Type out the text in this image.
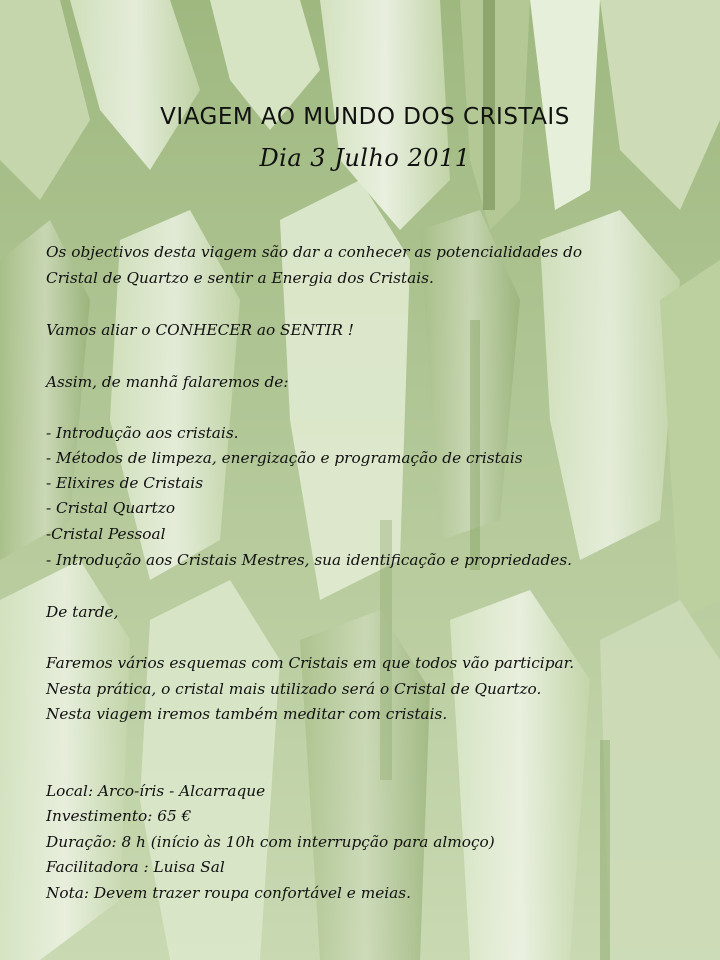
VIAGEM AO MUNDO DOS CRISTAIS
Dia 3 Julho 2011
Os objectivos desta viagem são dar a conhecer as potencialidades do
Cristal de Quartzo e sentir a Energia dos Cristais.
Vamos aliar o CONHECER ao SENTIR !
Assim, de manhã falaremos de:
- Introdução aos cristais.
- Métodos de limpeza, energização e programação de cristais
- Elixires de Cristais
- Cristal Quartzo
-Cristal Pessoal
- Introdução aos Cristais Mestres, sua identificação e propriedades.
De tarde,
Faremos vários esquemas com Cristais em que todos vão participar.
Nesta prática, o cristal mais utilizado será o Cristal de Quartzo.
Nesta viagem iremos também meditar com cristais.
Local: Arco-íris - Alcarraque
Investimento: 65 €
Duração: 8 h (início às 10h com interrupção para almoço)
Facilitadora : Luisa Sal
Nota: Devem trazer roupa confortável e meias.
